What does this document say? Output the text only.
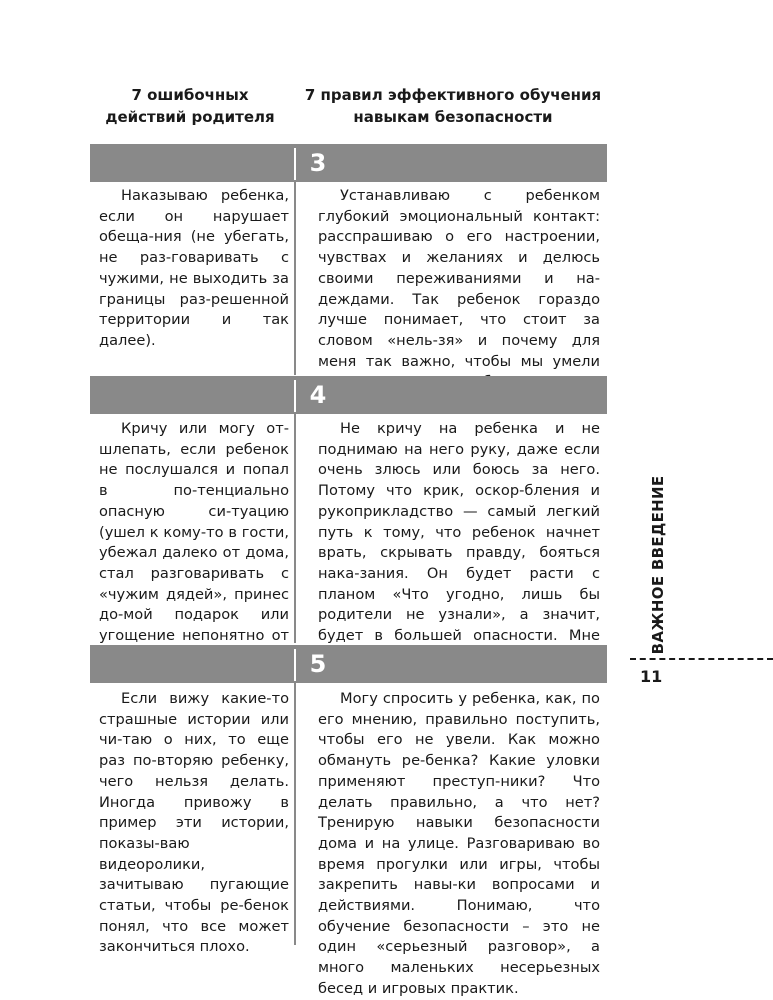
7 ошибочных действий родителя
7 правил эффективного обучения навыкам безопасности
3

Наказываю ребенка, если он нарушает обеща-ния (не убегать, не раз-говаривать с чужими, не выходить за границы раз-решенной территории и так далее).

Устанавливаю с ребенком глубокий эмоциональный контакт: расспрашиваю о его настроении, чувствах и желаниях и делюсь своими переживаниями и на-деждами. Так ребенок гораздо лучше понимает, что стоит за словом «нель-зя» и почему для меня так важно, чтобы мы умели

4

Кричу или могу от-шлепать, если ребенок не послушался и попал в по-тенциально опасную си-туацию (ушел к кому-то в гости, убежал далеко от дома, стал разговаривать с «чужим дядей», принес до-мой подарок или угощение непонятно от

Не кричу на ребенка и не поднимаю на него руку, даже если очень злюсь или боюсь за него. Потому что крик, оскор-бления и рукоприкладство — самый легкий путь к тому, что ребенок начнет врать, скрывать правду, бояться нака-зания. Он будет расти с планом «Что угодно, лишь бы родители не узнали», а значит, будет в большей опасности. Мне

5

Если вижу какие-то страшные истории или чи-таю о них, то еще раз по-вторяю ребенку, чего нельзя делать. Иногда привожу в пример эти истории, показы-ваю видеоролики, зачитываю пугающие статьи, чтобы ре-бенок понял, что все может закончиться плохо.

Могу спросить у ребенка, как, по его мнению, правильно поступить, чтобы его не увели. Как можно обмануть ре-бенка? Какие уловки применяют преступ-ники? Что делать правильно, а что нет? Тренирую навыки безопасности дома и на улице. Разговариваю во время прогулки или игры, чтобы закрепить навы-ки вопросами и действиями. Понимаю, что обучение безопасности – это не один «серьезный разговор», а много маленьких несерьезных бесед и игровых практик.

ВАЖНОЕ ВВЕДЕНИЕ
11
